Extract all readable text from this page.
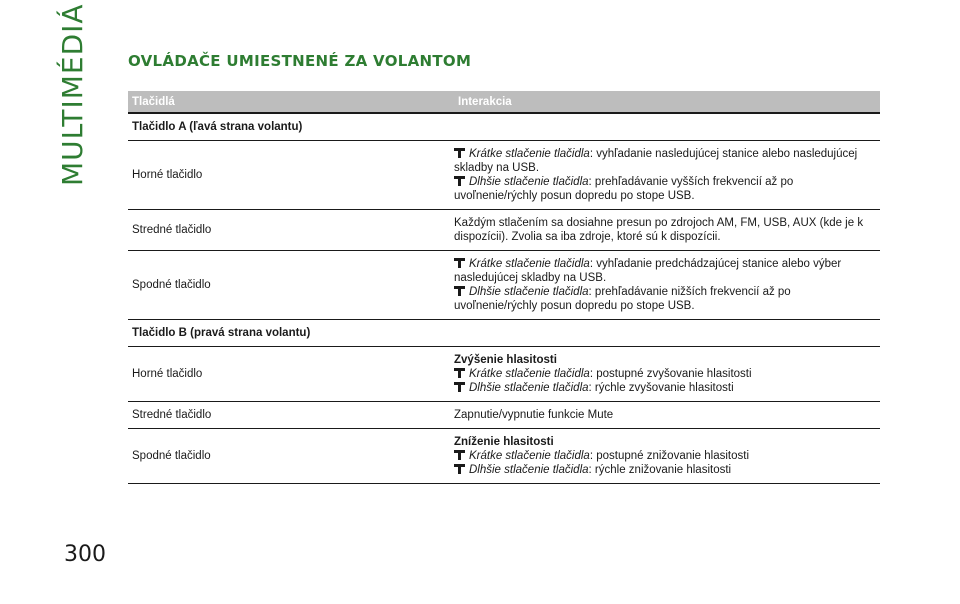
MULTIMÉDIÁ
300
OVLÁDAČE UMIESTNENÉ ZA VOLANTOM
Tlačidlá	Interakcia
Tlačidlo A (ľavá strana volantu)	
Horné tlačidlo	Krátke stlačenie tlačidla: vyhľadanie nasledujúcej stanice alebo nasledujúcej skladby na USB.
Dlhšie stlačenie tlačidla: prehľadávanie vyšších frekvencií až po uvoľnenie/rýchly posun dopredu po stope USB.

Stredné tlačidlo	Každým stlačením sa dosiahne presun po zdrojoch AM, FM, USB, AUX (kde je k dispozícii). Zvolia sa iba zdroje, ktoré sú k dispozícii.
Spodné tlačidlo	Krátke stlačenie tlačidla: vyhľadanie predchádzajúcej stanice alebo výber nasledujúcej skladby na USB.
Dlhšie stlačenie tlačidla: prehľadávanie nižších frekvencií až po uvoľnenie/rýchly posun dopredu po stope USB.

Tlačidlo B (pravá strana volantu)	
Horné tlačidlo	Zvýšenie hlasitosti
Krátke stlačenie tlačidla: postupné zvyšovanie hlasitosti
Dlhšie stlačenie tlačidla: rýchle zvyšovanie hlasitosti

Stredné tlačidlo	Zapnutie/vypnutie funkcie Mute
Spodné tlačidlo	Zníženie hlasitosti
Krátke stlačenie tlačidla: postupné znižovanie hlasitosti
Dlhšie stlačenie tlačidla: rýchle znižovanie hlasitosti
